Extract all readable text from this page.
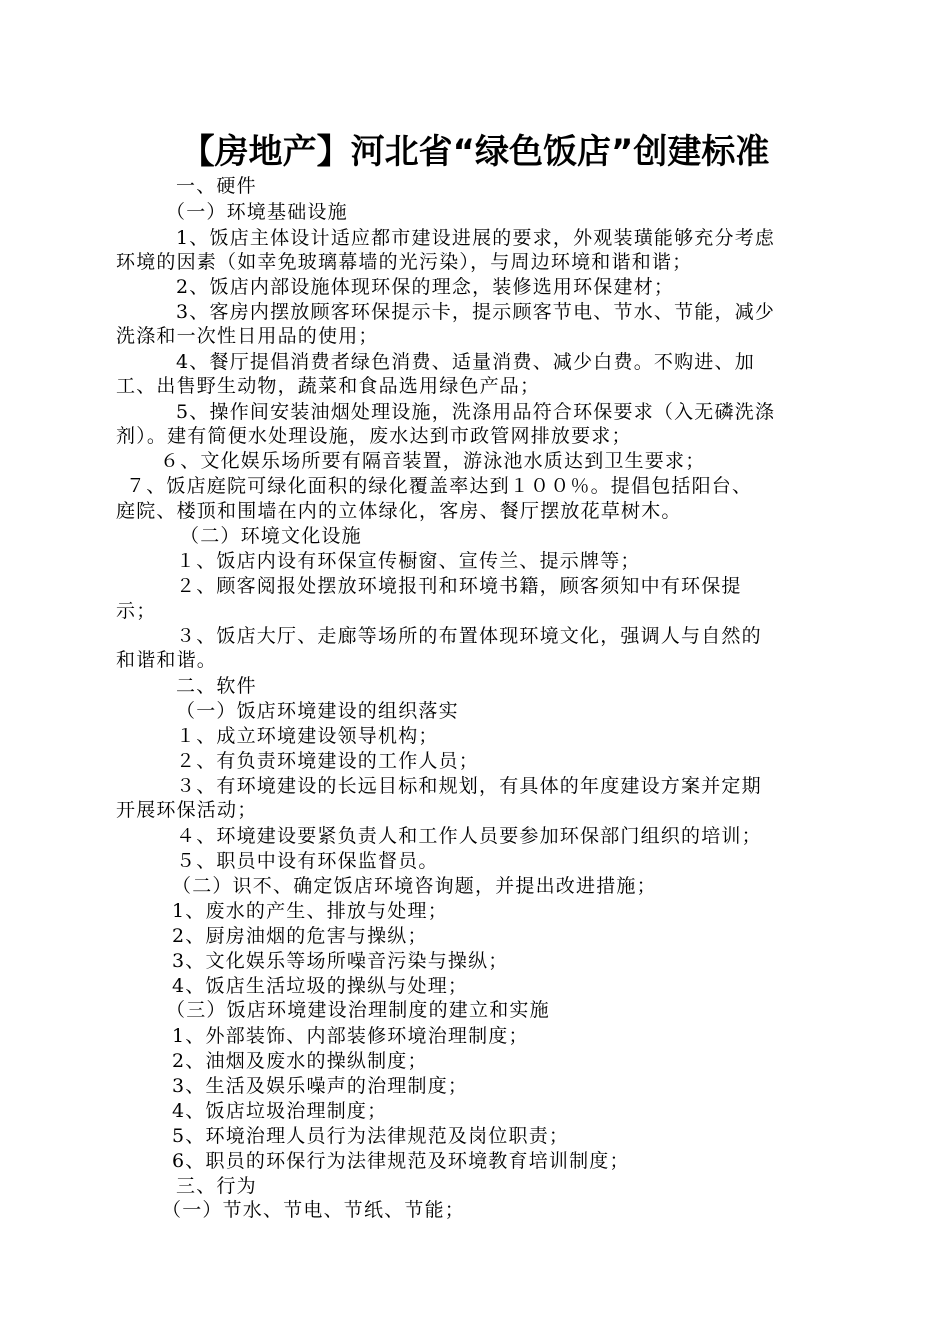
【房地产】河北省“绿色饭店”创建标准
一、硬件
（一）环境基础设施
1、饭店主体设计适应都市建设进展的要求，外观装璜能够充分考虑
环境的因素（如幸免玻璃幕墙的光污染），与周边环境和谐和谐；
2、饭店内部设施体现环保的理念，装修选用环保建材；
3、客房内摆放顾客环保提示卡，提示顾客节电、节水、节能，减少
洗涤和一次性日用品的使用；
4、餐厅提倡消费者绿色消费、适量消费、减少白费。不购进、加
工、出售野生动物，蔬菜和食品选用绿色产品；
5、操作间安装油烟处理设施，洗涤用品符合环保要求（入无磷洗涤
剂）。建有简便水处理设施，废水达到市政管网排放要求；
６、文化娱乐场所要有隔音装置，游泳池水质达到卫生要求；
７、饭店庭院可绿化面积的绿化覆盖率达到１００％。提倡包括阳台、
庭院、楼顶和围墙在内的立体绿化，客房、餐厅摆放花草树木。
（二）环境文化设施
１、饭店内设有环保宣传橱窗、宣传兰、提示牌等；
２、顾客阅报处摆放环境报刊和环境书籍，顾客须知中有环保提
示；
３、饭店大厅、走廊等场所的布置体现环境文化，强调人与自然的
和谐和谐。
二、软件
（一）饭店环境建设的组织落实
１、成立环境建设领导机构；
２、有负责环境建设的工作人员；
３、有环境建设的长远目标和规划，有具体的年度建设方案并定期
开展环保活动；
４、环境建设要紧负责人和工作人员要参加环保部门组织的培训；
５、职员中设有环保监督员。
（二）识不、确定饭店环境咨询题，并提出改进措施；
1、废水的产生、排放与处理；
2、厨房油烟的危害与操纵；
3、文化娱乐等场所噪音污染与操纵；
4、饭店生活垃圾的操纵与处理；
（三）饭店环境建设治理制度的建立和实施
1、外部装饰、内部装修环境治理制度；
2、油烟及废水的操纵制度；
3、生活及娱乐噪声的治理制度；
4、饭店垃圾治理制度；
5、环境治理人员行为法律规范及岗位职责；
6、职员的环保行为法律规范及环境教育培训制度；
三、行为
（一）节水、节电、节纸、节能；
